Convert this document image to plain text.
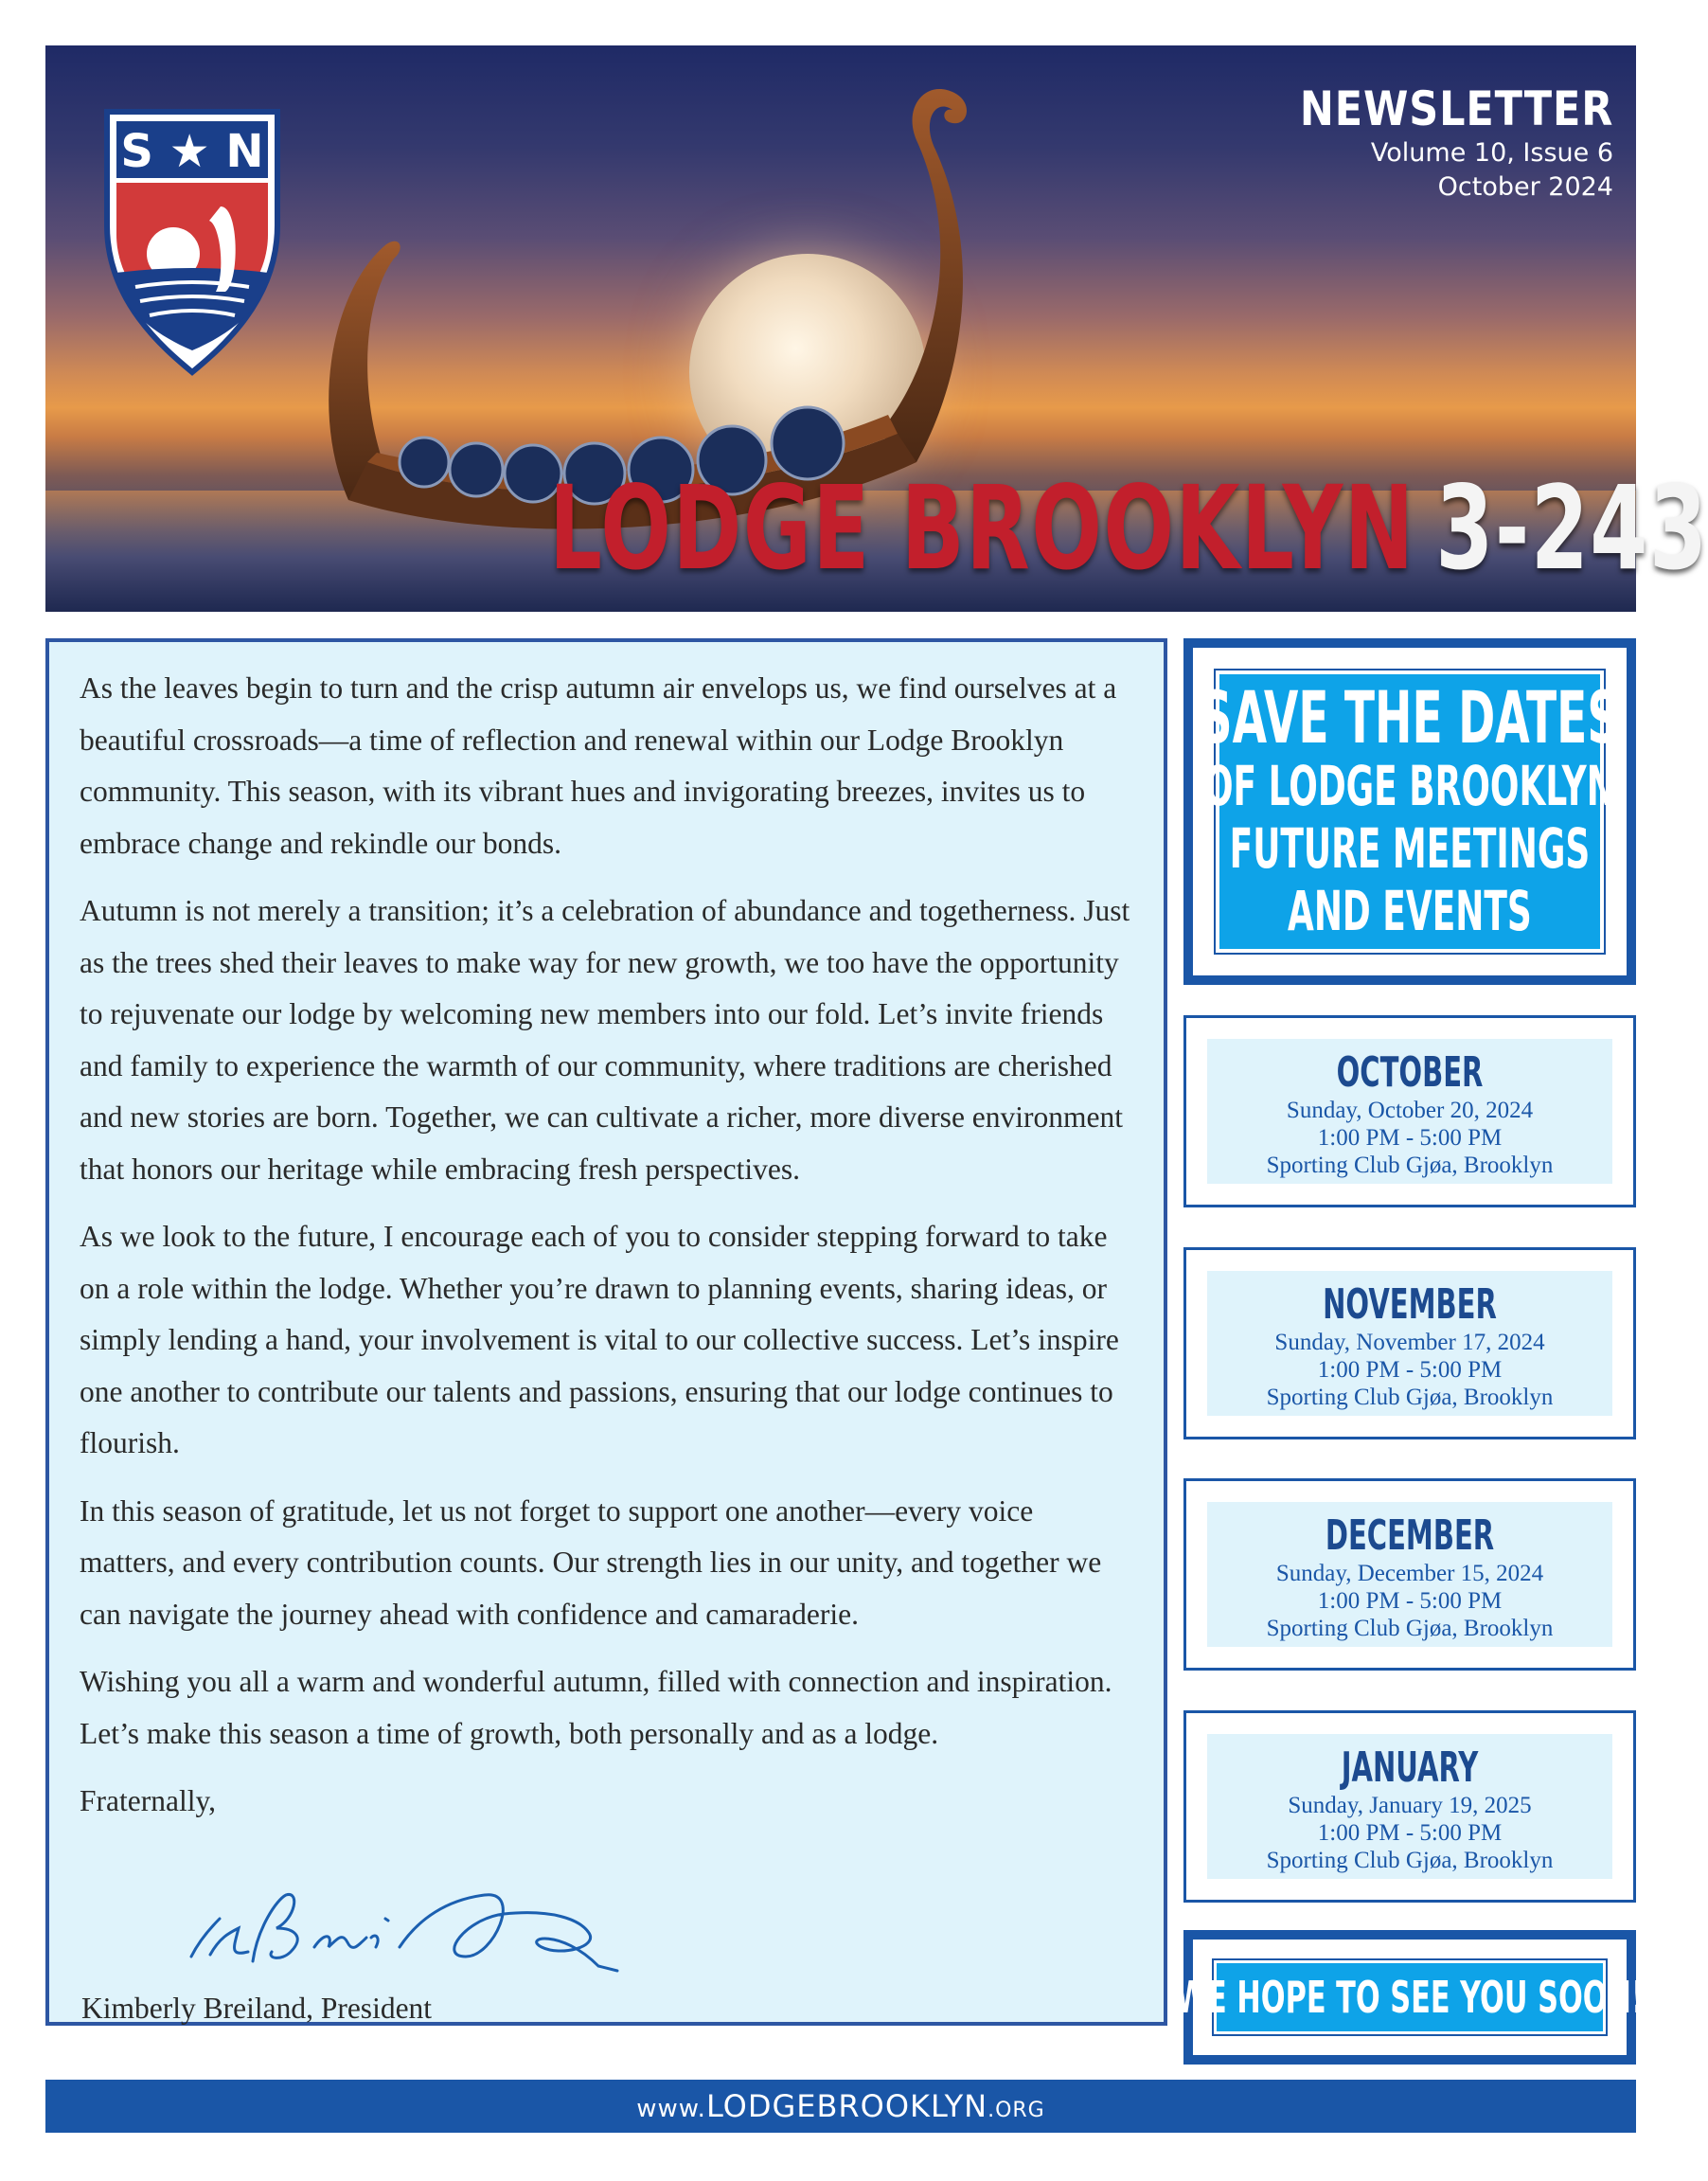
S ★ N
NEWSLETTER
Volume 10, Issue 6
October 2024
LODGE BROOKLYN 3-243

As the leaves begin to turn and the crisp autumn air envelops us, we find ourselves at a beautiful crossroads—a time of reflection and renewal within our Lodge Brooklyn community. This season, with its vibrant hues and invigorating breezes, invites us to embrace change and rekindle our bonds.

Autumn is not merely a transition; it’s a celebration of abundance and togetherness. Just as the trees shed their leaves to make way for new growth, we too have the opportunity to rejuvenate our lodge by welcoming new members into our fold. Let’s invite friends and family to experience the warmth of our community, where traditions are cherished and new stories are born. Together, we can cultivate a richer, more diverse environment that honors our heritage while embracing fresh perspectives.

As we look to the future, I encourage each of you to consider stepping forward to take on a role within the lodge. Whether you’re drawn to planning events, sharing ideas, or simply lending a hand, your involvement is vital to our collective success. Let’s inspire one another to contribute our talents and passions, ensuring that our lodge continues to flourish.

In this season of gratitude, let us not forget to support one another—every voice matters, and every contribution counts. Our strength lies in our unity, and together we can navigate the journey ahead with confidence and camaraderie.

Wishing you all a warm and wonderful autumn, filled with connection and inspiration. Let’s make this season a time of growth, both personally and as a lodge.

Fraternally,

Kimberly Breiland, President
SAVE THE DATES
OF LODGE BROOKLYN
FUTURE MEETINGS
AND EVENTS
OCTOBER
Sunday, October 20, 2024
1:00 PM - 5:00 PM
Sporting Club Gjøa, Brooklyn
NOVEMBER
Sunday, November 17, 2024
1:00 PM - 5:00 PM
Sporting Club Gjøa, Brooklyn
DECEMBER
Sunday, December 15, 2024
1:00 PM - 5:00 PM
Sporting Club Gjøa, Brooklyn
JANUARY
Sunday, January 19, 2025
1:00 PM - 5:00 PM
Sporting Club Gjøa, Brooklyn
WE HOPE TO SEE YOU SOON!
www.LODGEBROOKLYN.ORG
